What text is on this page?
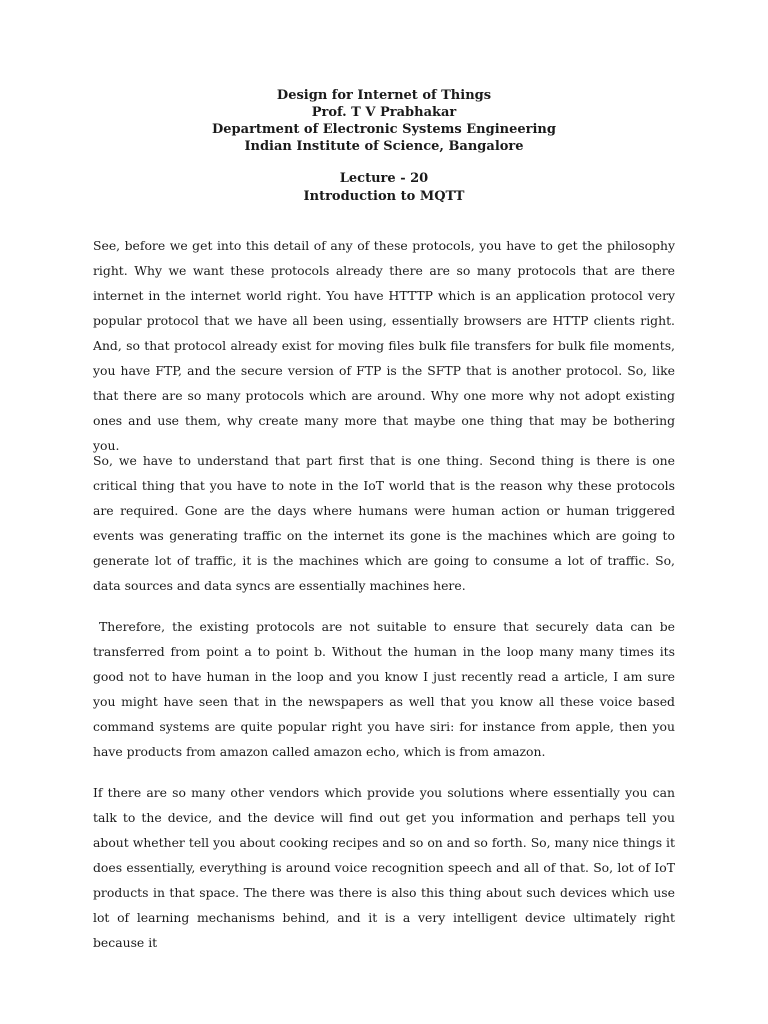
Design for Internet of Things
Prof. T V Prabhakar
Department of Electronic Systems Engineering
Indian Institute of Science, Bangalore
Lecture - 20
Introduction to MQTT

See, before we get into this detail of any of these protocols, you have to get the philosophy right. Why we want these protocols already there are so many protocols that are there internet in the internet world right. You have HTTTP which is an application protocol very popular protocol that we have all been using, essentially browsers are HTTP clients right. And, so that protocol already exist for moving files bulk file transfers for bulk file moments, you have FTP, and the secure version of FTP is the SFTP that is another protocol. So, like that there are so many protocols which are around. Why one more why not adopt existing ones and use them, why create many more that maybe one thing that may be bothering you.

So, we have to understand that part first that is one thing. Second thing is there is one critical thing that you have to note in the IoT world that is the reason why these protocols are required. Gone are the days where humans were human action or human triggered events was generating traffic on the internet its gone is the machines which are going to generate lot of traffic, it is the machines which are going to consume a lot of traffic. So, data sources and data syncs are essentially machines here.

Therefore, the existing protocols are not suitable to ensure that securely data can be transferred from point a to point b. Without the human in the loop many many times its good not to have human in the loop and you know I just recently read a article, I am sure you might have seen that in the newspapers as well that you know all these voice based command systems are quite popular right you have siri: for instance from apple, then you have products from amazon called amazon echo, which is from amazon.

If there are so many other vendors which provide you solutions where essentially you can talk to the device, and the device will find out get you information and perhaps tell you about whether tell you about cooking recipes and so on and so forth. So, many nice things it does essentially, everything is around voice recognition speech and all of that. So, lot of IoT products in that space. The there was there is also this thing about such devices which use lot of learning mechanisms behind, and it is a very intelligent device ultimately right because it
